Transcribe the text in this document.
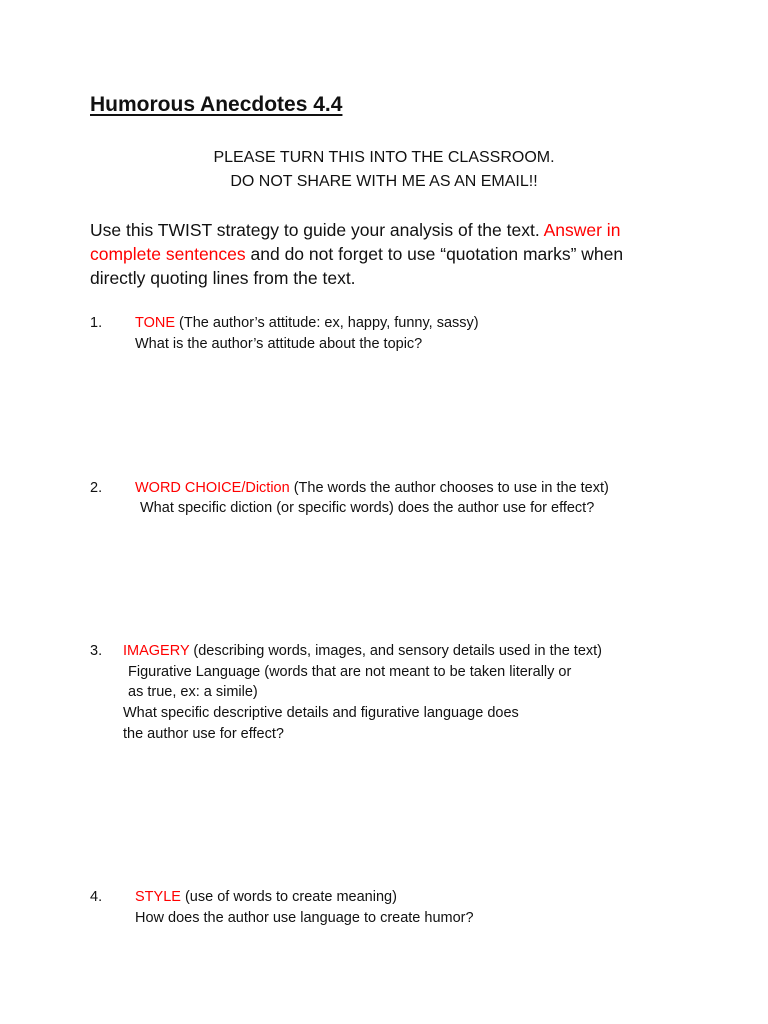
Humorous Anecdotes 4.4
PLEASE TURN THIS INTO THE CLASSROOM.
DO NOT SHARE WITH ME AS AN EMAIL!!
Use this TWIST strategy to guide your analysis of the text. Answer in complete sentences and do not forget to use “quotation marks” when directly quoting lines from the text.
1. TONE (The author’s attitude: ex, happy, funny, sassy)
What is the author’s attitude about the topic?
2. WORD CHOICE/Diction (The words the author chooses to use in the text)
What specific diction (or specific words) does the author use for effect?
3. IMAGERY (describing words, images, and sensory details used in the text)
Figurative Language (words that are not meant to be taken literally or
as true, ex: a simile)
What specific descriptive details and figurative language does
the author use for effect?
4. STYLE (use of words to create meaning)
How does the author use language to create humor?
